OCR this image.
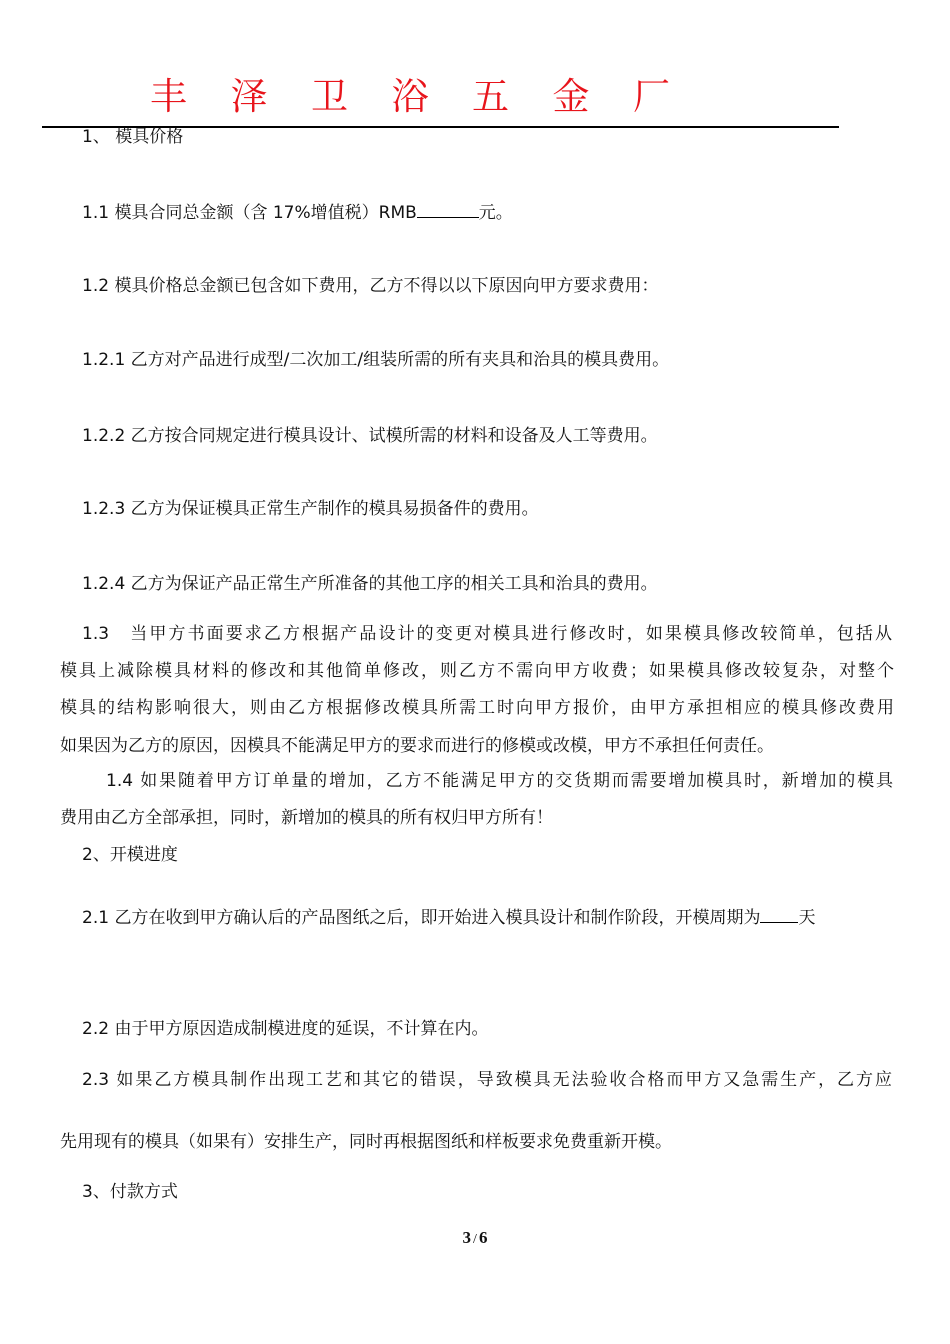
丰 泽 卫 浴 五 金 厂
1、 模具价格
1.1 模具合同总金额（含 17%增值税）RMB	元。
1.2 模具价格总金额已包含如下费用，乙方不得以以下原因向甲方要求费用：
1.2.1 乙方对产品进行成型/二次加工/组装所需的所有夹具和治具的模具费用。
1.2.2 乙方按合同规定进行模具设计、试模所需的材料和设备及人工等费用。
1.2.3 乙方为保证模具正常生产制作的模具易损备件的费用。
1.2.4 乙方为保证产品正常生产所准备的其他工序的相关工具和治具的费用。
1.3　当甲方书面要求乙方根据产品设计的变更对模具进行修改时，如果模具修改较简单，包括从
模具上减除模具材料的修改和其他简单修改，则乙方不需向甲方收费；如果模具修改较复杂，对整个
模具的结构影响很大，则由乙方根据修改模具所需工时向甲方报价，由甲方承担相应的模具修改费用
如果因为乙方的原因，因模具不能满足甲方的要求而进行的修模或改模，甲方不承担任何责任。
1.4 如果随着甲方订单量的增加，乙方不能满足甲方的交货期而需要增加模具时，新增加的模具
费用由乙方全部承担，同时，新增加的模具的所有权归甲方所有！
2、开模进度
2.1 乙方在收到甲方确认后的产品图纸之后，即开始进入模具设计和制作阶段，开模周期为 天
2.2 由于甲方原因造成制模进度的延误，不计算在内。
2.3 如果乙方模具制作出现工艺和其它的错误，导致模具无法验收合格而甲方又急需生产，乙方应
先用现有的模具（如果有）安排生产，同时再根据图纸和样板要求免费重新开模。
3、付款方式
3 / 6
